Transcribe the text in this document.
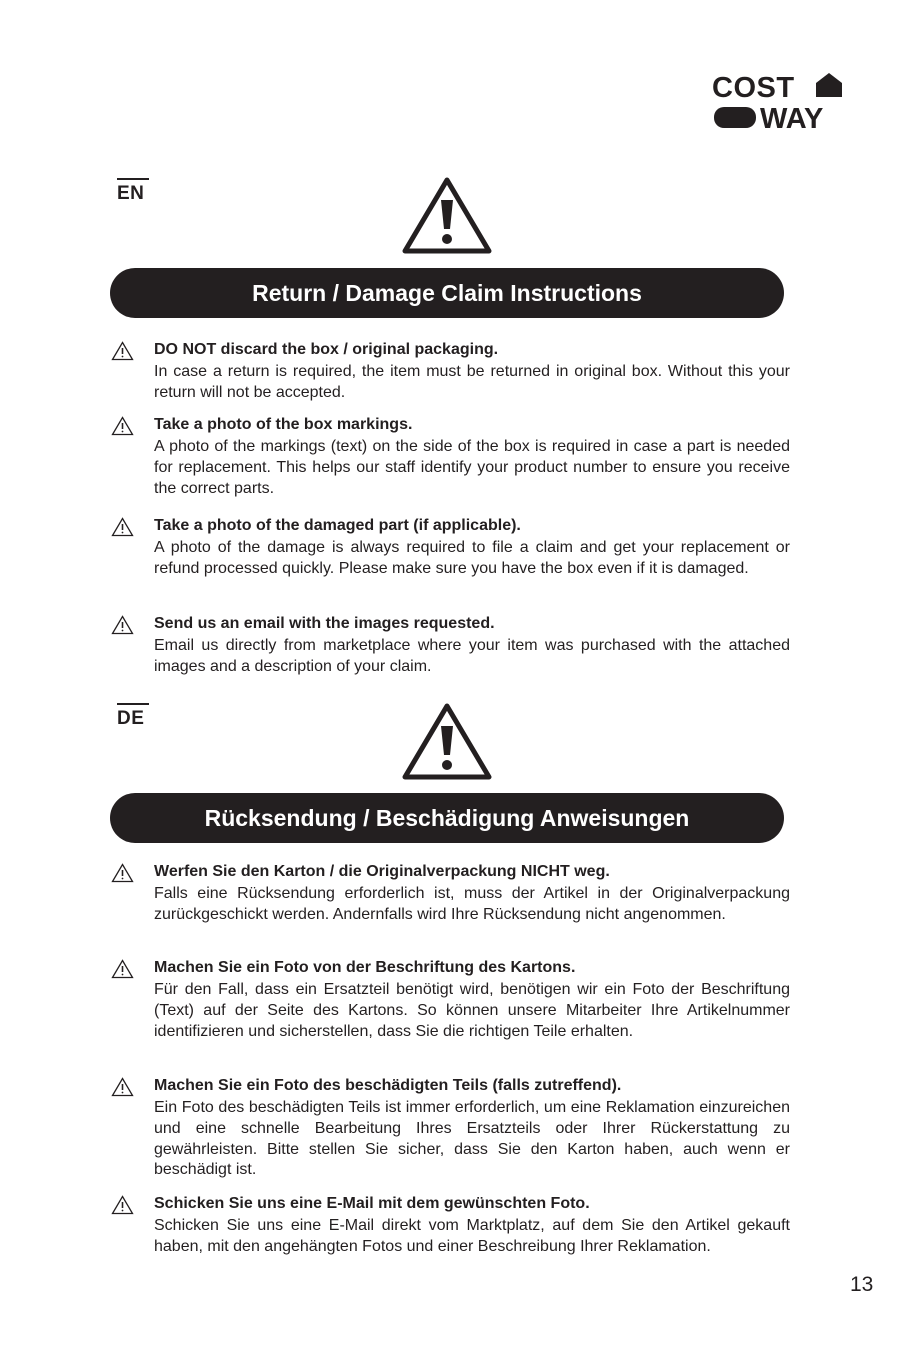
COST
WAY
EN
Return / Damage Claim Instructions
DO NOT discard the box / original packaging.
In case a return is required, the item must be returned in original box. Without this your return will not be accepted.
Take a photo of the box markings.
A photo of the markings (text) on the side of the box is required in case a part is needed for replacement. This helps our staff identify your product number to ensure you receive the correct parts.
Take a photo of the damaged part (if applicable).
A photo of the damage is always required to file a claim and get your replacement or refund processed quickly. Please make sure you have the box even if it is damaged.
Send us an email with the images requested.
Email us directly from marketplace where your item was purchased with the attached images and a description of your claim.
DE
Rücksendung / Beschädigung Anweisungen
Werfen Sie den Karton / die Originalverpackung NICHT weg.
Falls eine Rücksendung erforderlich ist, muss der Artikel in der Originalverpackung zurückgeschickt werden. Andernfalls wird Ihre Rücksendung nicht angenommen.
Machen Sie ein Foto von der Beschriftung des Kartons.
Für den Fall, dass ein Ersatzteil benötigt wird, benötigen wir ein Foto der Beschriftung (Text) auf der Seite des Kartons. So können unsere Mitarbeiter Ihre Artikelnummer identifizieren und sicherstellen, dass Sie die richtigen Teile erhalten.
Machen Sie ein Foto des beschädigten Teils (falls zutreffend).
Ein Foto des beschädigten Teils ist immer erforderlich, um eine Reklamation einzureichen und eine schnelle Bearbeitung Ihres Ersatzteils oder Ihrer Rückerstattung zu gewährleisten. Bitte stellen Sie sicher, dass Sie den Karton haben, auch wenn er beschädigt ist.
Schicken Sie uns eine E-Mail mit dem gewünschten Foto.
Schicken Sie uns eine E-Mail direkt vom Marktplatz, auf dem Sie den Artikel gekauft haben, mit den angehängten Fotos und einer Beschreibung Ihrer Reklamation.
13
